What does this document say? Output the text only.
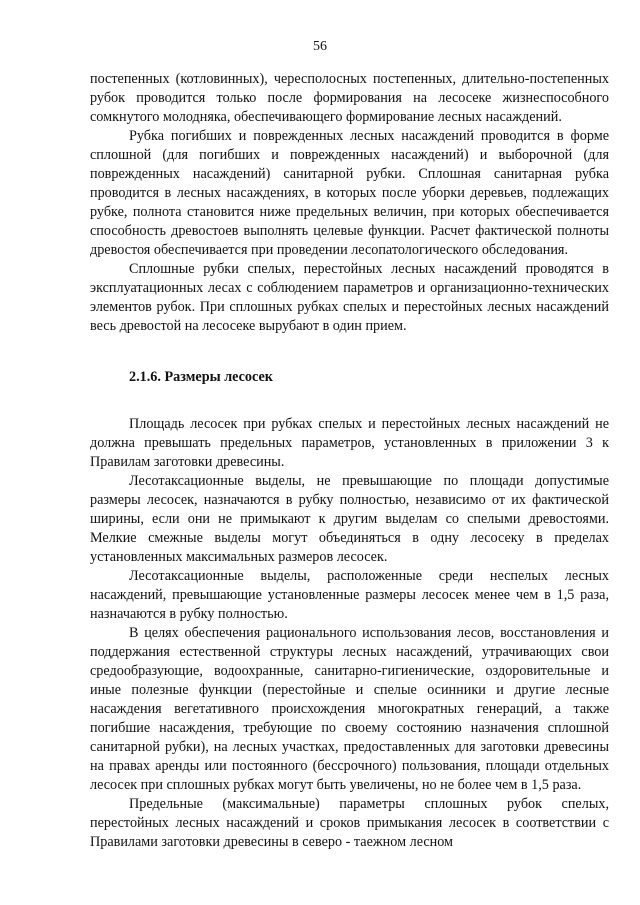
56

постепенных (котловинных), чересполосных постепенных, длительно-постепенных рубок проводится только после формирования на лесосеке жизнеспособного сомкнутого молодняка, обеспечивающего формирование лесных насаждений.

Рубка погибших и поврежденных лесных насаждений проводится в форме сплошной (для погибших и поврежденных насаждений) и выборочной (для поврежденных насаждений) санитарной рубки. Сплошная санитарная рубка проводится в лесных насаждениях, в которых после уборки деревьев, подлежащих рубке, полнота становится ниже предельных величин, при которых обеспечивается способность древостоев выполнять целевые функции. Расчет фактической полноты древостоя обеспечивается при проведении лесопатологического обследования.

Сплошные рубки спелых, перестойных лесных насаждений проводятся в эксплуатационных лесах с соблюдением параметров и организационно-технических элементов рубок. При сплошных рубках спелых и перестойных лесных насаждений весь древостой на лесосеке вырубают в один прием.

2.1.6. Размеры лесосек

Площадь лесосек при рубках спелых и перестойных лесных насаждений не должна превышать предельных параметров, установленных в приложении 3 к Правилам заготовки древесины.

Лесотаксационные выделы, не превышающие по площади допустимые размеры лесосек, назначаются в рубку полностью, независимо от их фактической ширины, если они не примыкают к другим выделам со спелыми древостоями. Мелкие смежные выделы могут объединяться в одну лесосеку в пределах установленных максимальных размеров лесосек.

Лесотаксационные выделы, расположенные среди неспелых лесных насаждений, превышающие установленные размеры лесосек менее чем в 1,5 раза, назначаются в рубку полностью.

В целях обеспечения рационального использования лесов, восстановления и поддержания естественной структуры лесных насаждений, утрачивающих свои средообразующие, водоохранные, санитарно-гигиенические, оздоровительные и иные полезные функции (перестойные и спелые осинники и другие лесные насаждения вегетативного происхождения многократных генераций, а также погибшие насаждения, требующие по своему состоянию назначения сплошной санитарной рубки), на лесных участках, предоставленных для заготовки древесины на правах аренды или постоянного (бессрочного) пользования, площади отдельных лесосек при сплошных рубках могут быть увеличены, но не более чем в 1,5 раза.

Предельные (максимальные) параметры сплошных рубок спелых, перестойных лесных насаждений и сроков примыкания лесосек в соответствии с Правилами заготовки древесины в северо - таежном лесном
